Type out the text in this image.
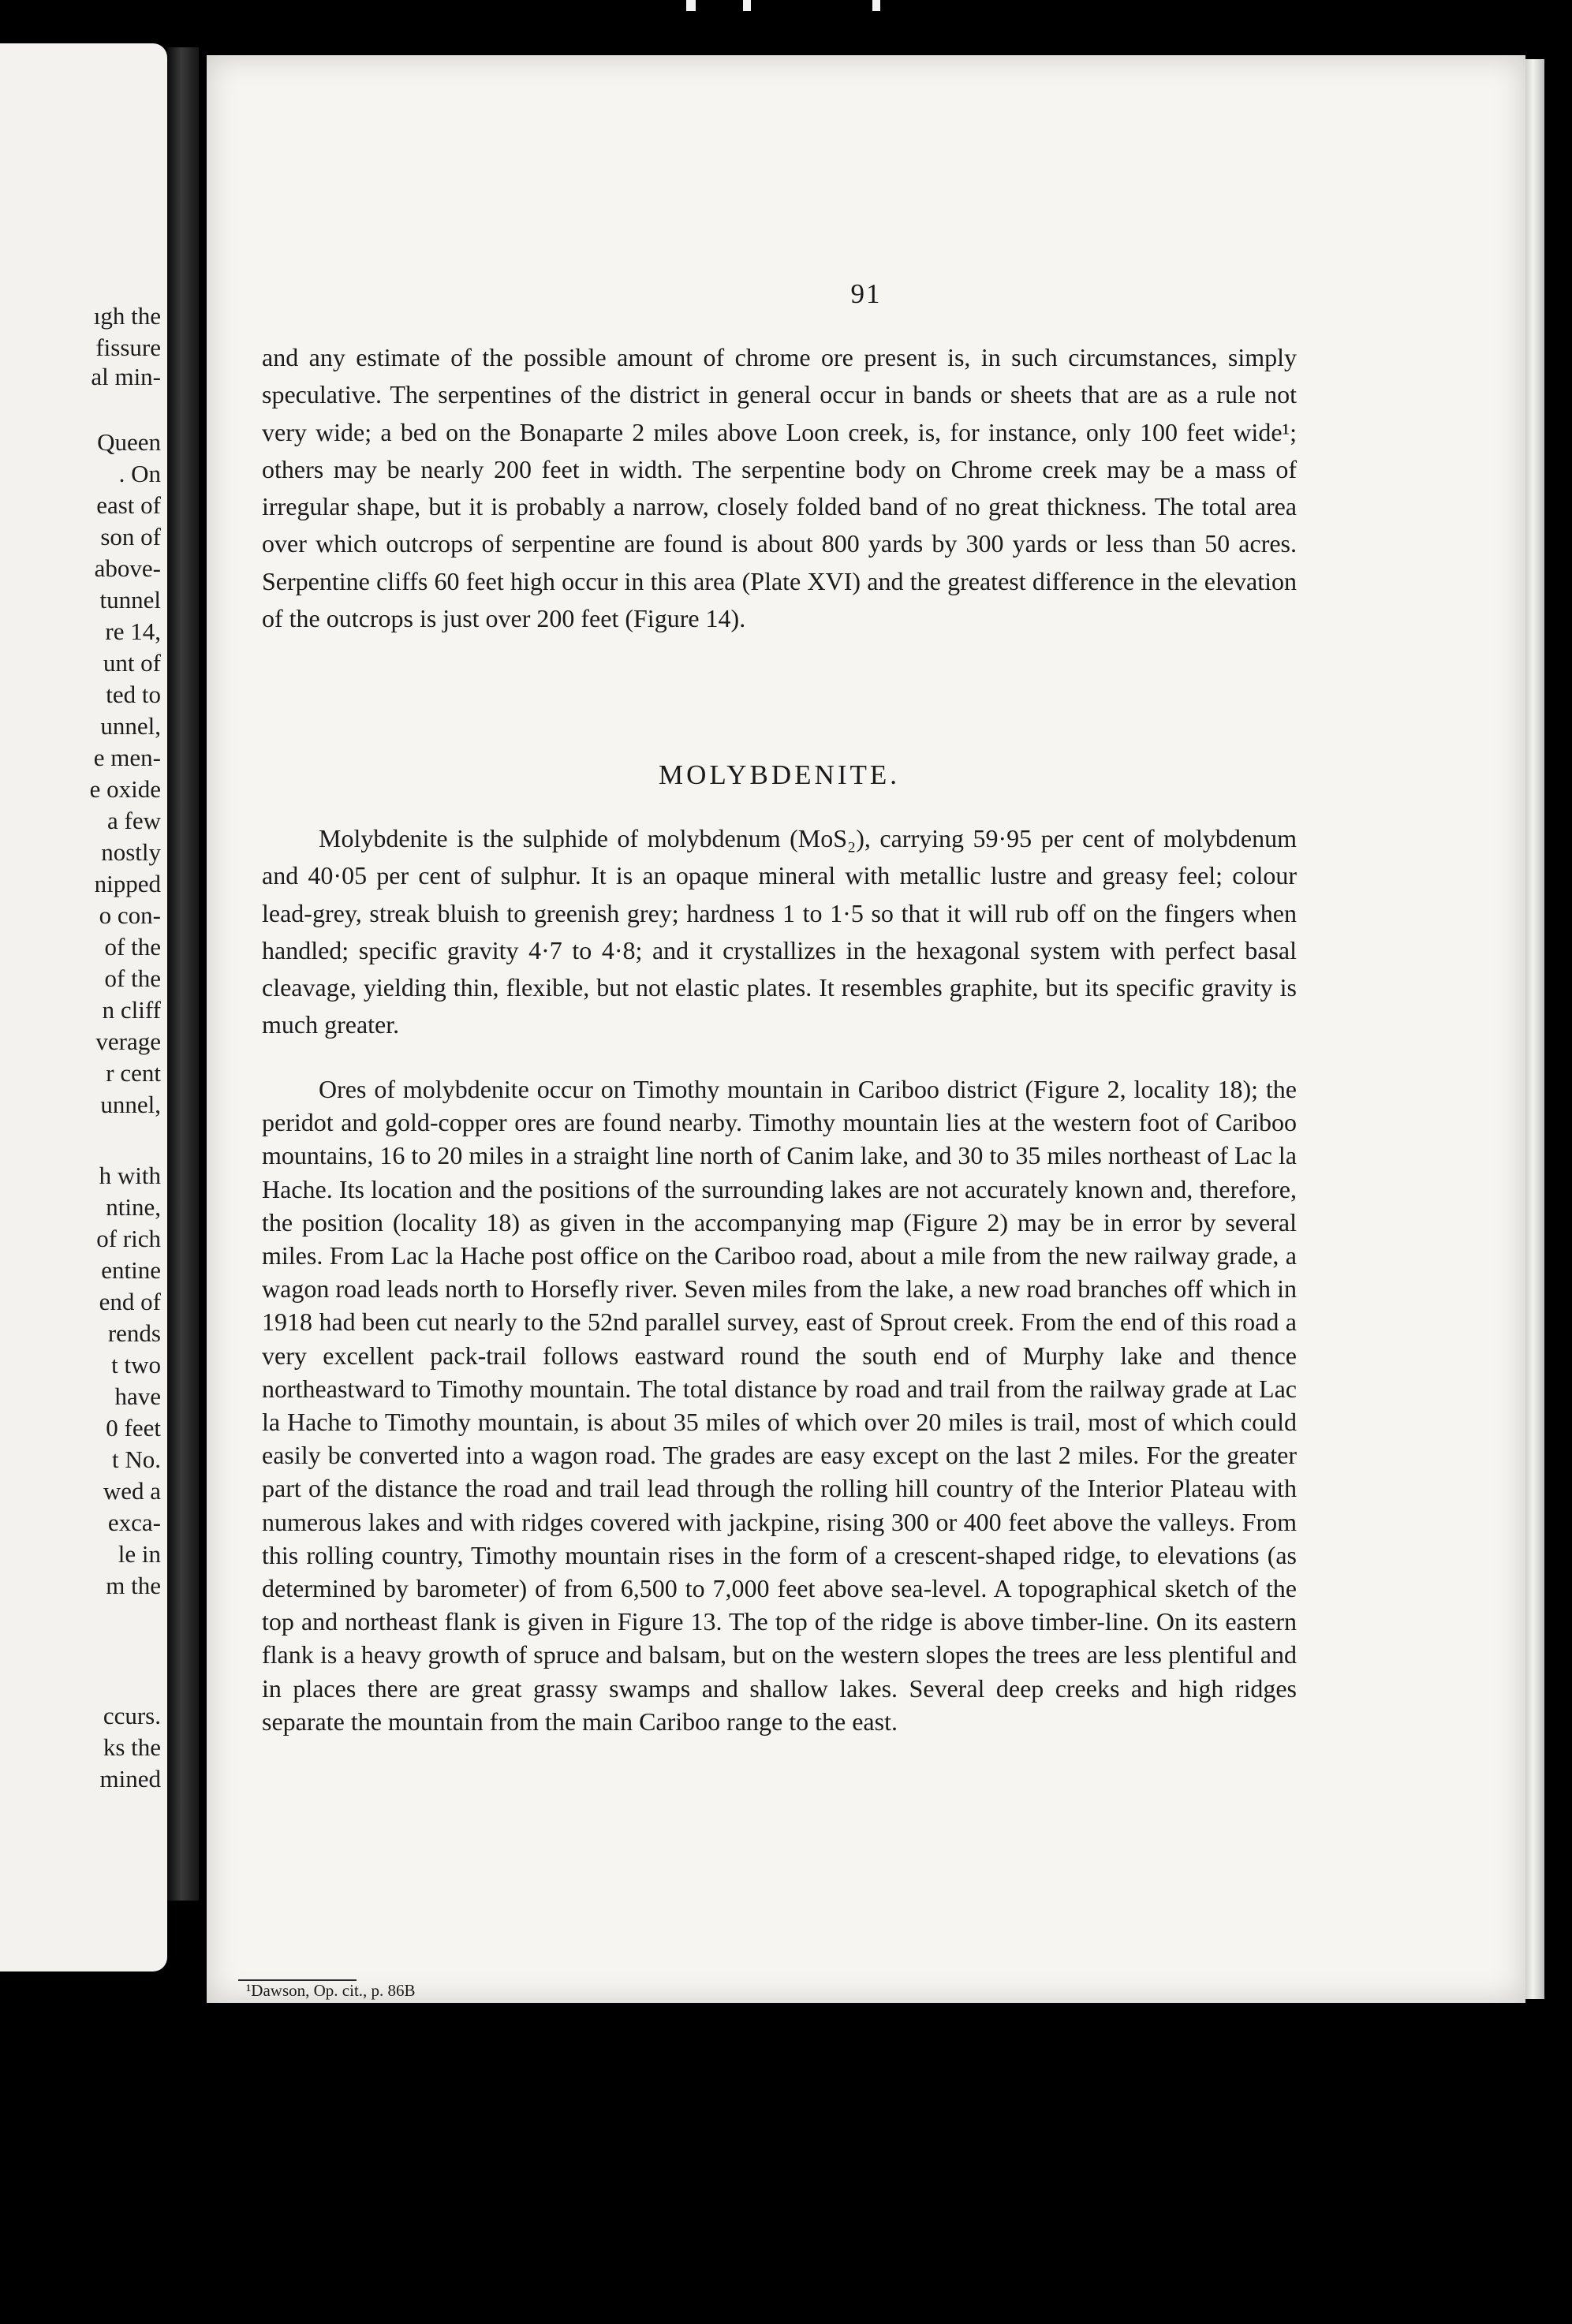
ıgh the
fissure
al min-
Queen
. On
east of
son of
above-
tunnel
re 14,
unt of
ted to
unnel,
e men-
e oxide
a few
nostly
nipped
o con-
of the
of the
n cliff
verage
r cent
unnel,
h with
ntine,
of rich
entine
end of
rends
t two
have
0 feet
t No.
wed a
exca-
le in
m the
ccurs.
ks the
mined
91

and any estimate of the possible amount of chrome ore present is, in such circumstances, simply speculative. The serpentines of the district in general occur in bands or sheets that are as a rule not very wide; a bed on the Bonaparte 2 miles above Loon creek, is, for instance, only 100 feet wide¹; others may be nearly 200 feet in width. The serpentine body on Chrome creek may be a mass of irregular shape, but it is probably a narrow, closely folded band of no great thickness. The total area over which outcrops of serpentine are found is about 800 yards by 300 yards or less than 50 acres. Serpentine cliffs 60 feet high occur in this area (Plate XVI) and the greatest difference in the elevation of the outcrops is just over 200 feet (Figure 14).

MOLYBDENITE.

Molybdenite is the sulphide of molybdenum (MoS₂), carrying 59·95 per cent of molybdenum and 40·05 per cent of sulphur. It is an opaque mineral with metallic lustre and greasy feel; colour lead-grey, streak bluish to greenish grey; hardness 1 to 1·5 so that it will rub off on the fingers when handled; specific gravity 4·7 to 4·8; and it crystallizes in the hexagonal system with perfect basal cleavage, yielding thin, flexible, but not elastic plates. It resembles graphite, but its specific gravity is much greater.

Ores of molybdenite occur on Timothy mountain in Cariboo district (Figure 2, locality 18); the peridot and gold-copper ores are found nearby. Timothy mountain lies at the western foot of Cariboo mountains, 16 to 20 miles in a straight line north of Canim lake, and 30 to 35 miles northeast of Lac la Hache. Its location and the positions of the surrounding lakes are not accurately known and, therefore, the position (locality 18) as given in the accompanying map (Figure 2) may be in error by several miles. From Lac la Hache post office on the Cariboo road, about a mile from the new railway grade, a wagon road leads north to Horsefly river. Seven miles from the lake, a new road branches off which in 1918 had been cut nearly to the 52nd parallel survey, east of Sprout creek. From the end of this road a very excellent pack-trail follows eastward round the south end of Murphy lake and thence northeastward to Timothy mountain. The total distance by road and trail from the railway grade at Lac la Hache to Timothy mountain, is about 35 miles of which over 20 miles is trail, most of which could easily be converted into a wagon road. The grades are easy except on the last 2 miles. For the greater part of the distance the road and trail lead through the rolling hill country of the Interior Plateau with numerous lakes and with ridges covered with jackpine, rising 300 or 400 feet above the valleys. From this rolling country, Timothy mountain rises in the form of a crescent-shaped ridge, to elevations (as determined by barometer) of from 6,500 to 7,000 feet above sea-level. A topographical sketch of the top and northeast flank is given in Figure 13. The top of the ridge is above timber-line. On its eastern flank is a heavy growth of spruce and balsam, but on the western slopes the trees are less plentiful and in places there are great grassy swamps and shallow lakes. Several deep creeks and high ridges separate the mountain from the main Cariboo range to the east.

¹Dawson, Op. cit., p. 86B
